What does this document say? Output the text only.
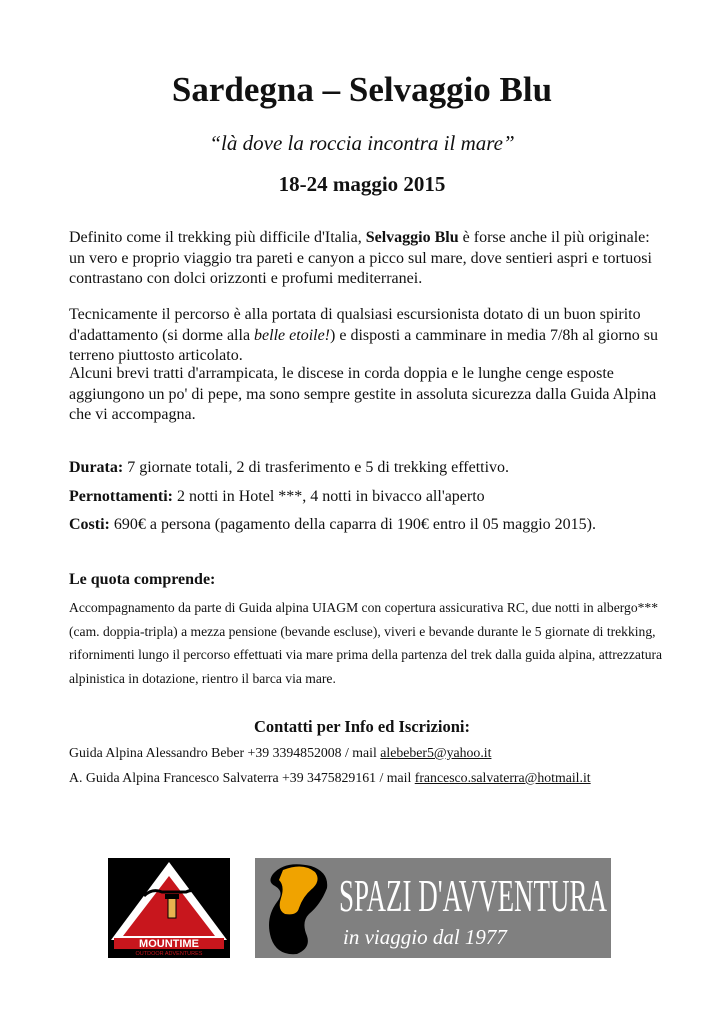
Sardegna – Selvaggio Blu
“là dove la roccia incontra il mare”
18-24 maggio 2015

Definito come il trekking più difficile d'Italia, Selvaggio Blu è forse anche il più originale: un vero e proprio viaggio tra pareti e canyon a picco sul mare, dove sentieri aspri e tortuosi contrastano con dolci orizzonti e profumi mediterranei.

Tecnicamente il percorso è alla portata di qualsiasi escursionista dotato di un buon spirito d'adattamento (si dorme alla belle etoile!) e disposti a camminare in media 7/8h al giorno su terreno piuttosto articolato.

Alcuni brevi tratti d'arrampicata, le discese in corda doppia e le lunghe cenge esposte aggiungono un po' di pepe, ma sono sempre gestite in assoluta sicurezza dalla Guida Alpina che vi accompagna.

Durata: 7 giornate totali, 2 di trasferimento e 5 di trekking effettivo.
Pernottamenti: 2 notti in Hotel ***, 4 notti in bivacco all'aperto
Costi: 690€ a persona (pagamento della caparra di 190€ entro il 05 maggio 2015).
Le quota comprende:

Accompagnamento da parte di Guida alpina UIAGM con copertura assicurativa RC, due notti in albergo*** (cam. doppia-tripla) a mezza pensione (bevande escluse), viveri e bevande durante le 5 giornate di trekking, rifornimenti lungo il percorso effettuati via mare prima della partenza del trek dalla guida alpina, attrezzatura alpinistica in dotazione, rientro il barca via mare.

Contatti per Info ed Iscrizioni:
Guida Alpina Alessandro Beber +39 3394852008 / mail alebeber5@yahoo.it
A. Guida Alpina Francesco Salvaterra +39 3475829161 / mail francesco.salvaterra@hotmail.it
MOUNTIME
OUTDOOR ADVENTURES
SPAZI D'AVVENTURA
in viaggio dal 1977
